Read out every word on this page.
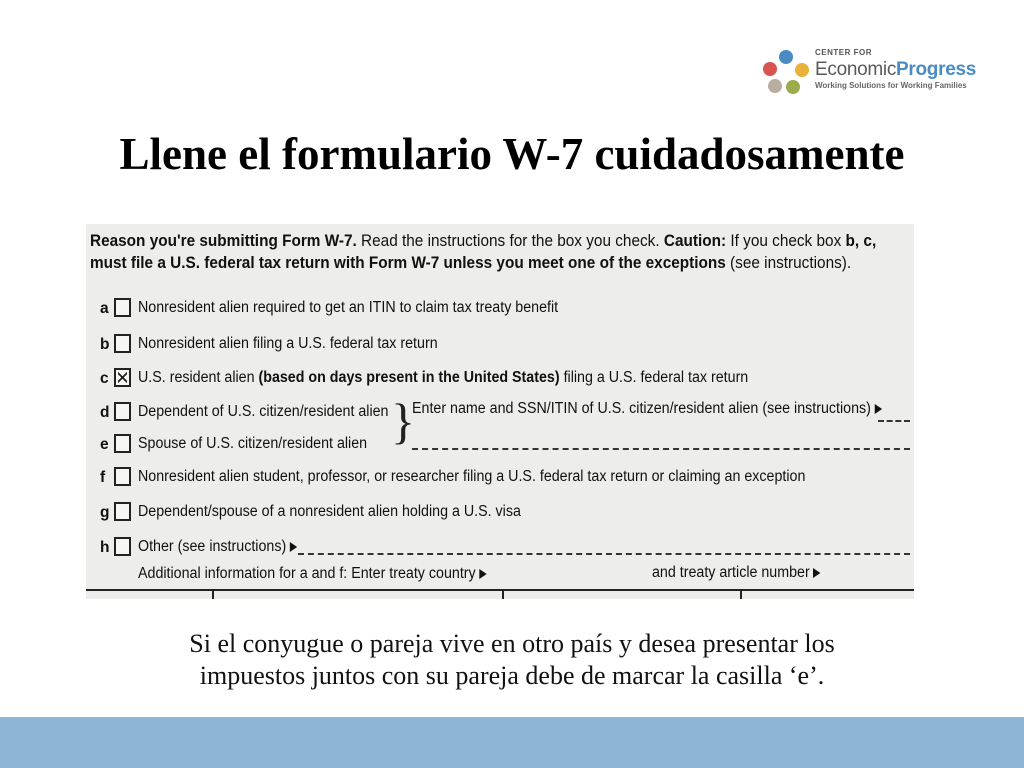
CENTER FOR
EconomicProgress
Working Solutions for Working Families
Llene el formulario W-7 cuidadosamente
Reason you're submitting Form W-7. Read the instructions for the box you check. Caution: If you check box b, c,
must file a U.S. federal tax return with Form W-7 unless you meet one of the exceptions (see instructions).
a	Nonresident alien required to get an ITIN to claim tax treaty benefit
b Nonresident alien filing a U.S. federal tax return
c	U.S. resident alien (based on days present in the United States) filing a U.S. federal tax return
d Dependent of U.S. citizen/resident alien
e	Spouse of U.S. citizen/resident alien }
Enter name and SSN/ITIN of U.S. citizen/resident alien (see instructions)
f	Nonresident alien student, professor, or researcher filing a U.S. federal tax return or claiming an exception
g Dependent/spouse of a nonresident alien holding a U.S. visa
h Other (see instructions)
Additional information for a and f: Enter treaty country	and treaty article number
Si el conyugue o pareja vive en otro país y desea presentar los
impuestos juntos con su pareja debe de marcar la casilla ‘e’.
